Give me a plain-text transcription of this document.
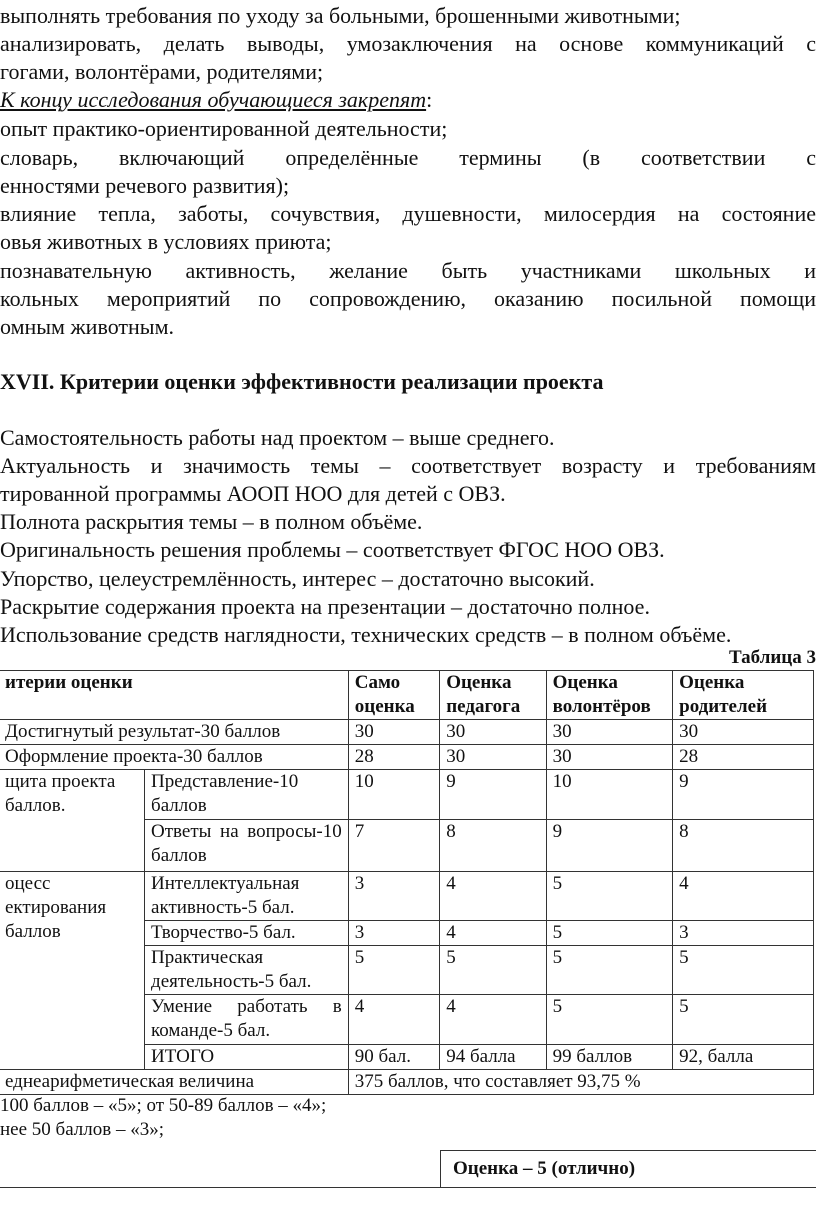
выполнять требования по уходу за больными, брошенными животными;
анализировать, делать выводы, умозаключения на основе коммуникаций с
гогами, волонтёрами, родителями;
К концу исследования обучающиеся закрепят:
опыт практико-ориентированной деятельности;
словарь, включающий определённые термины (в соответствии с
енностями речевого развития);
влияние тепла, заботы, сочувствия, душевности, милосердия на состояние
овья животных в условиях приюта;
познавательную активность, желание быть участниками школьных и
кольных мероприятий по сопровождению, оказанию посильной помощи
омным животным.
XVII. Критерии оценки эффективности реализации проекта
Самостоятельность работы над проектом – выше среднего.
Актуальность и значимость темы – соответствует возрасту и требованиям
тированной программы АООП НОО для детей с ОВЗ.
Полнота раскрытия темы – в полном объёме.
Оригинальность решения проблемы – соответствует ФГОС НОО ОВЗ.
Упорство, целеустремлённость, интерес – достаточно высокий.
Раскрытие содержания проекта на презентации – достаточно полное.
Использование средств наглядности, технических средств – в полном объёме.
Таблица 3
итерии оценки		Само оценка	Оценка педагога	Оценка волонтёров	Оценка родителей
Достигнутый результат-30 баллов		30	30	30	30
Оформление проекта-30 баллов		28	30	30	28
щита проекта баллов.	Представление-10 баллов	10	9	10	9
	Ответы на вопросы-10 баллов	7	8	9	8
оцесс ектирования баллов	Интеллектуальная активность-5 бал.	3	4	5	4
	Творчество-5 бал.	3	4	5	3
	Практическая деятельность-5 бал.	5	5	5	5
	Умение работать в команде-5 бал.	4	4	5	5
	ИТОГО	90 бал.	94 балла	99 баллов	92, балла
еднеарифметическая величина		375 баллов, что составляет 93,75 %			
100 баллов – «5»; от 50-89 баллов – «4»;
нее 50 баллов – «3»;
Оценка – 5 (отлично)
